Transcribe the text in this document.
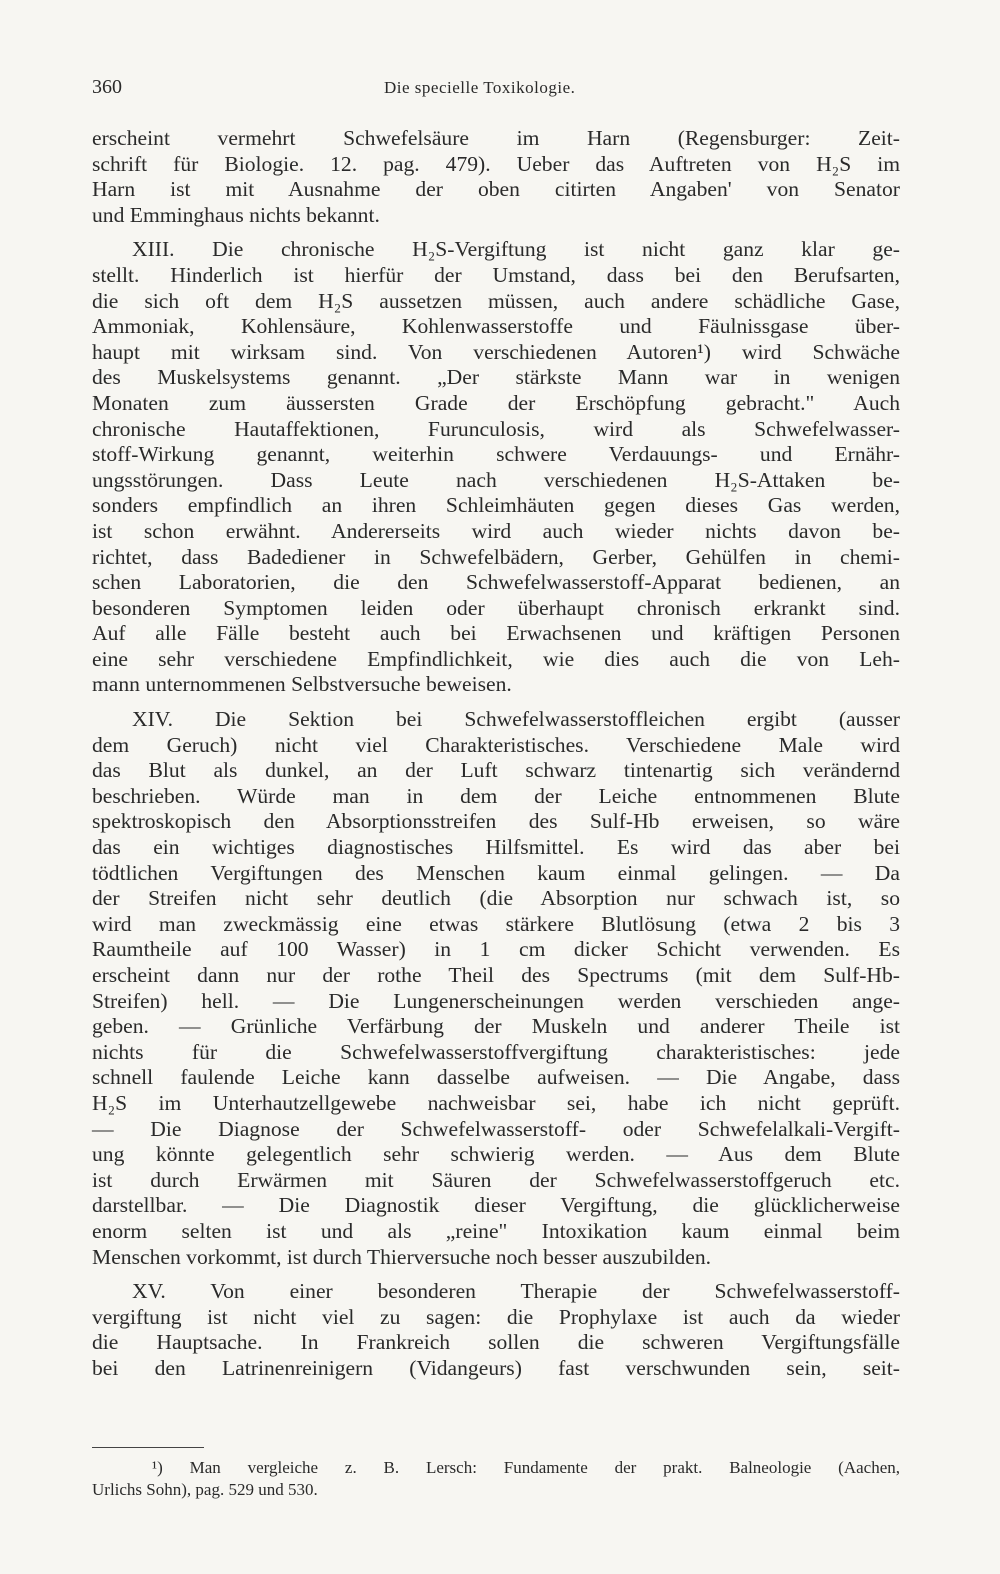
360	Die specielle Toxikologie.
erscheint vermehrt Schwefelsäure im Harn (Regensburger: Zeit-
schrift für Biologie. 12. pag. 479). Ueber das Auftreten von H₂S im
Harn ist mit Ausnahme der oben citirten Angaben' von Senator
und Emminghaus nichts bekannt.
XIII. Die chronische H₂S-Vergiftung ist nicht ganz klar ge-
stellt. Hinderlich ist hierfür der Umstand, dass bei den Berufsarten,
die sich oft dem H₂S aussetzen müssen, auch andere schädliche Gase,
Ammoniak, Kohlensäure, Kohlenwasserstoffe und Fäulnissgase über-
haupt mit wirksam sind. Von verschiedenen Autoren¹) wird Schwäche
des Muskelsystems genannt. „Der stärkste Mann war in wenigen
Monaten zum äussersten Grade der Erschöpfung gebracht." Auch
chronische Hautaffektionen, Furunculosis, wird als Schwefelwasser-
stoff-Wirkung genannt, weiterhin schwere Verdauungs- und Ernähr-
ungsstörungen. Dass Leute nach verschiedenen H₂S-Attaken be-
sonders empfindlich an ihren Schleimhäuten gegen dieses Gas werden,
ist schon erwähnt. Andererseits wird auch wieder nichts davon be-
richtet, dass Badediener in Schwefelbädern, Gerber, Gehülfen in chemi-
schen Laboratorien, die den Schwefelwasserstoff-Apparat bedienen, an
besonderen Symptomen leiden oder überhaupt chronisch erkrankt sind.
Auf alle Fälle besteht auch bei Erwachsenen und kräftigen Personen
eine sehr verschiedene Empfindlichkeit, wie dies auch die von Leh-
mann unternommenen Selbstversuche beweisen.
XIV. Die Sektion bei Schwefelwasserstoffleichen ergibt (ausser
dem Geruch) nicht viel Charakteristisches. Verschiedene Male wird
das Blut als dunkel, an der Luft schwarz tintenartig sich verändernd
beschrieben. Würde man in dem der Leiche entnommenen Blute
spektroskopisch den Absorptionsstreifen des Sulf-Hb erweisen, so wäre
das ein wichtiges diagnostisches Hilfsmittel. Es wird das aber bei
tödtlichen Vergiftungen des Menschen kaum einmal gelingen. — Da
der Streifen nicht sehr deutlich (die Absorption nur schwach ist, so
wird man zweckmässig eine etwas stärkere Blutlösung (etwa 2 bis 3
Raumtheile auf 100 Wasser) in 1 cm dicker Schicht verwenden. Es
erscheint dann nur der rothe Theil des Spectrums (mit dem Sulf-Hb-
Streifen) hell. — Die Lungenerscheinungen werden verschieden ange-
geben. — Grünliche Verfärbung der Muskeln und anderer Theile ist
nichts für die Schwefelwasserstoffvergiftung charakteristisches: jede
schnell faulende Leiche kann dasselbe aufweisen. — Die Angabe, dass
H₂S im Unterhautzellgewebe nachweisbar sei, habe ich nicht geprüft.
— Die Diagnose der Schwefelwasserstoff- oder Schwefelalkali-Vergift-
ung könnte gelegentlich sehr schwierig werden. — Aus dem Blute
ist durch Erwärmen mit Säuren der Schwefelwasserstoffgeruch etc.
darstellbar. — Die Diagnostik dieser Vergiftung, die glücklicherweise
enorm selten ist und als „reine" Intoxikation kaum einmal beim
Menschen vorkommt, ist durch Thierversuche noch besser auszubilden.
XV. Von einer besonderen Therapie der Schwefelwasserstoff-
vergiftung ist nicht viel zu sagen: die Prophylaxe ist auch da wieder
die Hauptsache. In Frankreich sollen die schweren Vergiftungsfälle
bei den Latrinenreinigern (Vidangeurs) fast verschwunden sein, seit-
¹) Man vergleiche z. B. Lersch: Fundamente der prakt. Balneologie (Aachen,
Urlichs Sohn), pag. 529 und 530.
